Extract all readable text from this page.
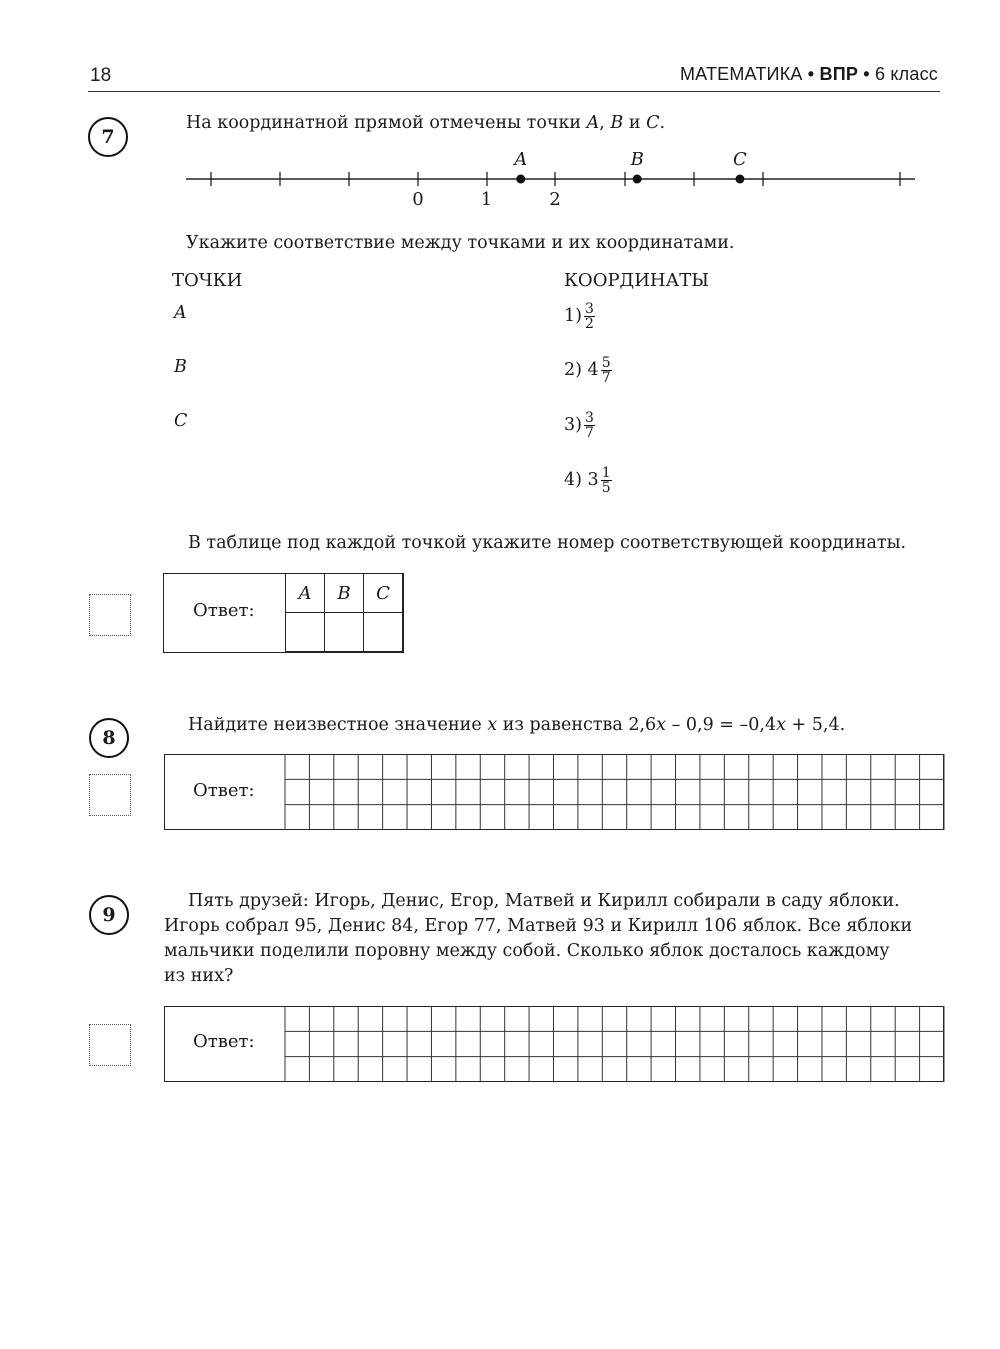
18	МАТЕМАТИКА • ВПР • 6 класс
7
На координатной прямой отмечены точки A, B и C.
0	1	2
A	B	C
Укажите соответствие между точками и их координатами.
ТОЧКИ	КООРДИНАТЫ
A
B
C
$1) \frac{3}{2}$
2) $4 \frac{5}{7}$
$3) \frac{3}{7}$
4) $3 \frac{1}{5}$
В таблице под каждой точкой укажите номер соответствующей координаты.
Ответ:
A	B	C

8
Найдите неизвестное значение x из равенства 2,6x – 0,9 = –0,4x + 5,4.
Ответ:
9
Пять друзей: Игорь, Денис, Егор, Матвей и Кирилл собирали в саду яблоки.
Игорь собрал 95, Денис 84, Егор 77, Матвей 93 и Кирилл 106 яблок. Все яблоки
мальчики поделили поровну между собой. Сколько яблок досталось каждому
из них?
Ответ:
